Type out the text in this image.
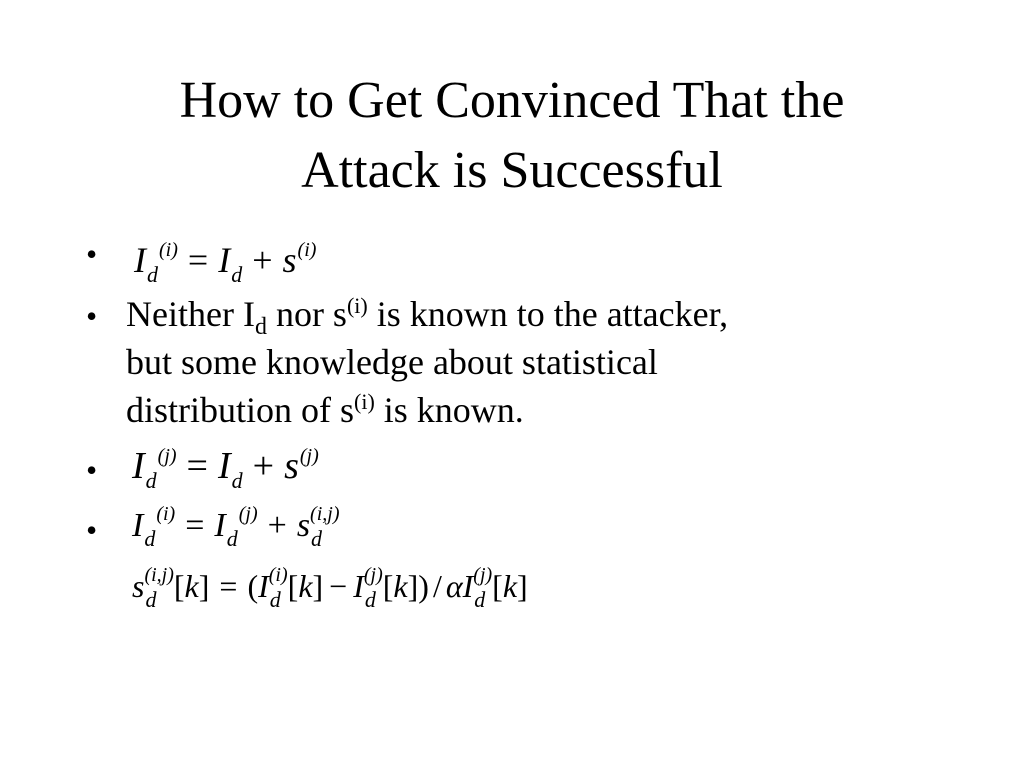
How to Get Convinced That the
Attack is Successful
• $I_d^{(i)} = I_d + s^{(i)}$
• Neither $I_d$ nor $s^{(i)}$ is known to the attacker,
but some knowledge about statistical
distribution of $s^{(i)}$ is known.
• $I_d^{(j)} = I_d + s^{(j)}$
• $I_d^{(i)} = I_d^{(j)} + s_d^{(i,j)}$
$s_d^{(i,j)}[k] = (I_d^{(i)}[k] - I_d^{(j)}[k]) / \alpha I_d^{(j)}[k]$
